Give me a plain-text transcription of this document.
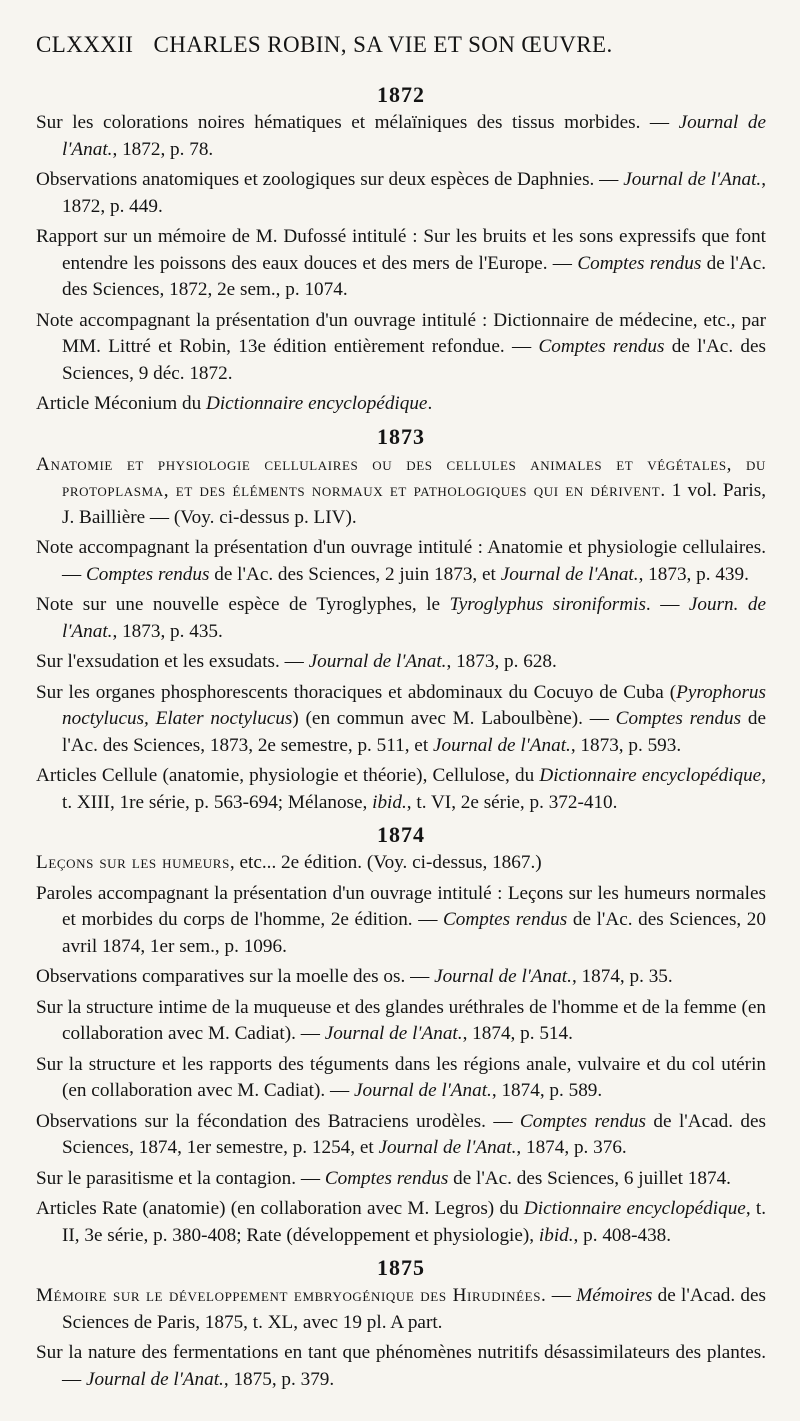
CLXXXII CHARLES ROBIN, SA VIE ET SON ŒUVRE.
1872

Sur les colorations noires hématiques et mélaïniques des tissus morbides. — Journal de l'Anat., 1872, p. 78.

Observations anatomiques et zoologiques sur deux espèces de Daphnies. — Journal de l'Anat., 1872, p. 449.

Rapport sur un mémoire de M. Dufossé intitulé : Sur les bruits et les sons expressifs que font entendre les poissons des eaux douces et des mers de l'Europe. — Comptes rendus de l'Ac. des Sciences, 1872, 2e sem., p. 1074.

Note accompagnant la présentation d'un ouvrage intitulé : Dictionnaire de médecine, etc., par MM. Littré et Robin, 13e édition entièrement refondue. — Comptes rendus de l'Ac. des Sciences, 9 déc. 1872.

Article Méconium du Dictionnaire encyclopédique.

1873

Anatomie et physiologie cellulaires ou des cellules animales et végétales, du protoplasma, et des éléments normaux et pathologiques qui en dérivent. 1 vol. Paris, J. Baillière — (Voy. ci-dessus p. LIV).

Note accompagnant la présentation d'un ouvrage intitulé : Anatomie et physiologie cellulaires. — Comptes rendus de l'Ac. des Sciences, 2 juin 1873, et Journal de l'Anat., 1873, p. 439.

Note sur une nouvelle espèce de Tyroglyphes, le Tyroglyphus sironiformis. — Journ. de l'Anat., 1873, p. 435.

Sur l'exsudation et les exsudats. — Journal de l'Anat., 1873, p. 628.

Sur les organes phosphorescents thoraciques et abdominaux du Cocuyo de Cuba (Pyrophorus noctylucus, Elater noctylucus) (en commun avec M. Laboulbène). — Comptes rendus de l'Ac. des Sciences, 1873, 2e semestre, p. 511, et Journal de l'Anat., 1873, p. 593.

Articles Cellule (anatomie, physiologie et théorie), Cellulose, du Dictionnaire encyclopédique, t. XIII, 1re série, p. 563-694; Mélanose, ibid., t. VI, 2e série, p. 372-410.

1874

Leçons sur les humeurs, etc... 2e édition. (Voy. ci-dessus, 1867.)

Paroles accompagnant la présentation d'un ouvrage intitulé : Leçons sur les humeurs normales et morbides du corps de l'homme, 2e édition. — Comptes rendus de l'Ac. des Sciences, 20 avril 1874, 1er sem., p. 1096.

Observations comparatives sur la moelle des os. — Journal de l'Anat., 1874, p. 35.

Sur la structure intime de la muqueuse et des glandes uréthrales de l'homme et de la femme (en collaboration avec M. Cadiat). — Journal de l'Anat., 1874, p. 514.

Sur la structure et les rapports des téguments dans les régions anale, vulvaire et du col utérin (en collaboration avec M. Cadiat). — Journal de l'Anat., 1874, p. 589.

Observations sur la fécondation des Batraciens urodèles. — Comptes rendus de l'Acad. des Sciences, 1874, 1er semestre, p. 1254, et Journal de l'Anat., 1874, p. 376.

Sur le parasitisme et la contagion. — Comptes rendus de l'Ac. des Sciences, 6 juillet 1874.

Articles Rate (anatomie) (en collaboration avec M. Legros) du Dictionnaire encyclopédique, t. II, 3e série, p. 380-408; Rate (développement et physiologie), ibid., p. 408-438.

1875

Mémoire sur le développement embryogénique des Hirudinées. — Mémoires de l'Acad. des Sciences de Paris, 1875, t. XL, avec 19 pl. A part.

Sur la nature des fermentations en tant que phénomènes nutritifs désassimilateurs des plantes. — Journal de l'Anat., 1875, p. 379.
